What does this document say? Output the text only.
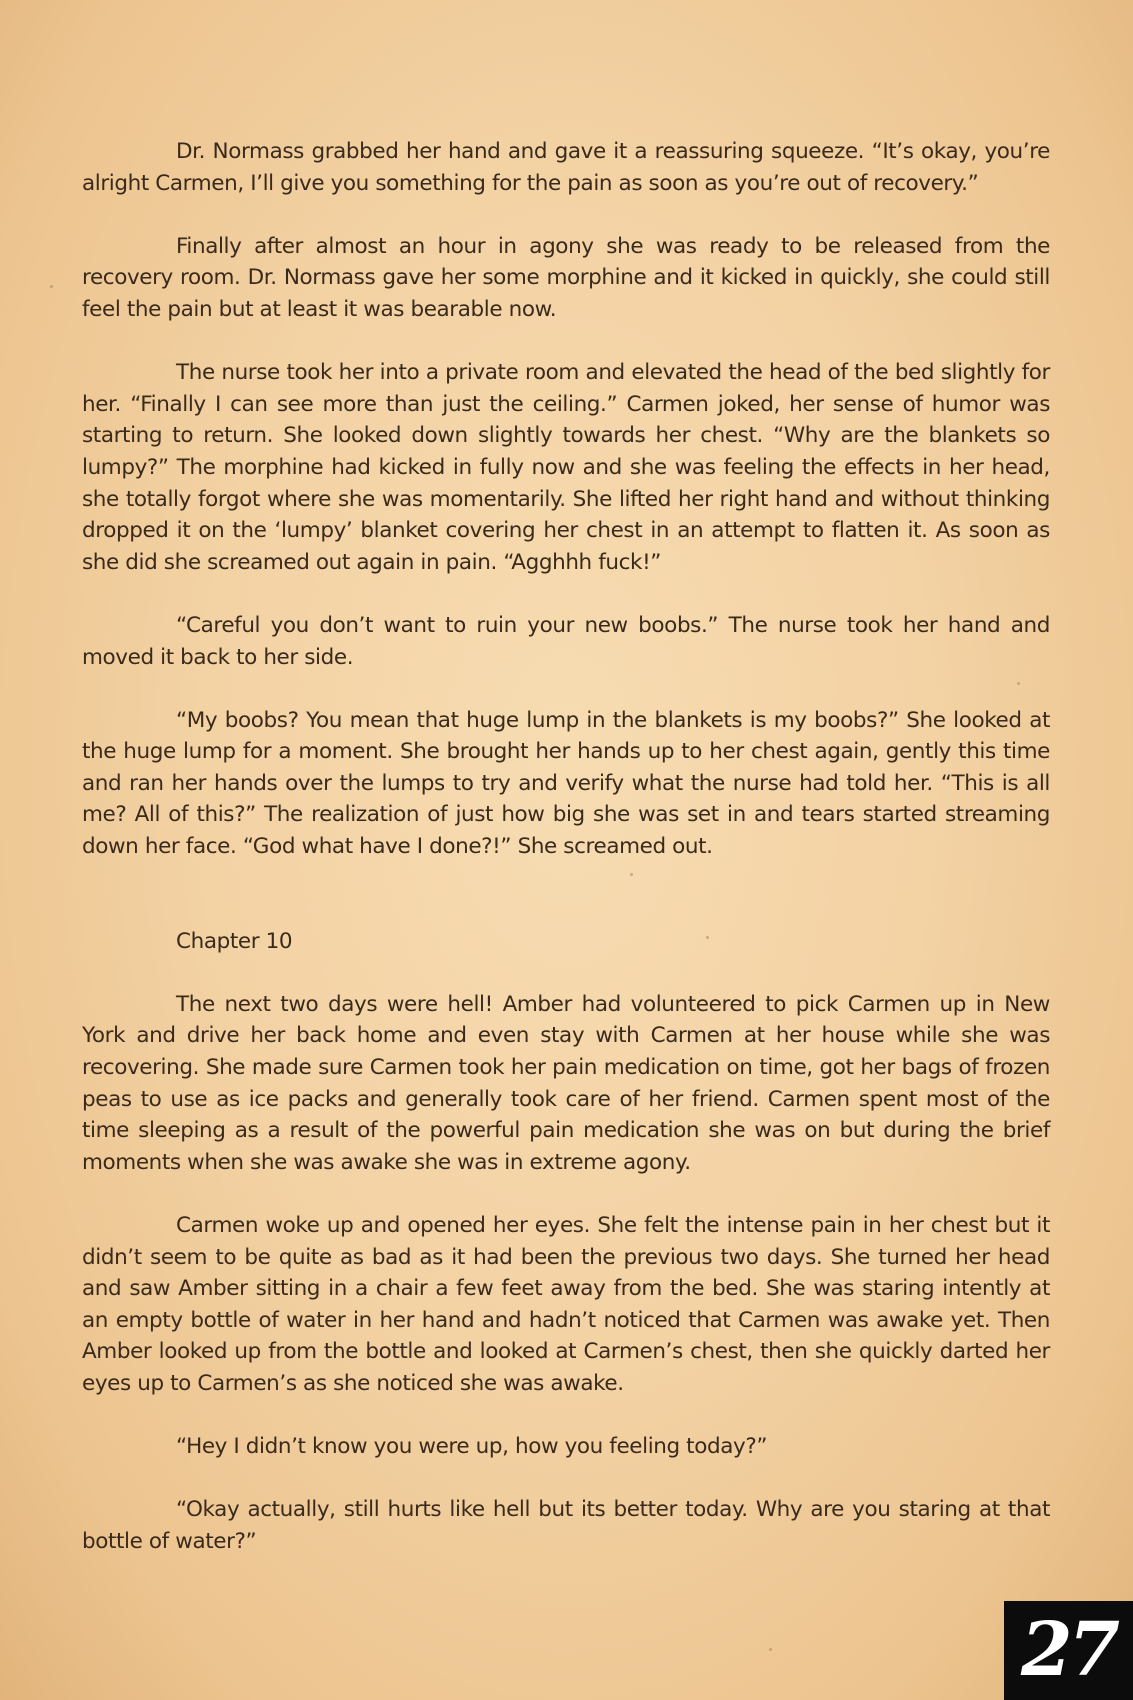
Dr. Normass grabbed her hand and gave it a reassuring squeeze. “It’s okay, you’re alright Carmen, I’ll give you something for the pain as soon as you’re out of recovery.”

Finally after almost an hour in agony she was ready to be released from the recovery room. Dr. Normass gave her some morphine and it kicked in quickly, she could still feel the pain but at least it was bearable now.

The nurse took her into a private room and elevated the head of the bed slightly for her. “Finally I can see more than just the ceiling.” Carmen joked, her sense of humor was starting to return. She looked down slightly towards her chest. “Why are the blankets so lumpy?” The morphine had kicked in fully now and she was feeling the effects in her head, she totally forgot where she was momentarily. She lifted her right hand and without thinking dropped it on the ‘lumpy’ blanket covering her chest in an attempt to flatten it. As soon as she did she screamed out again in pain. “Agghhh fuck!”

“Careful you don’t want to ruin your new boobs.” The nurse took her hand and moved it back to her side.

“My boobs? You mean that huge lump in the blankets is my boobs?” She looked at the huge lump for a moment. She brought her hands up to her chest again, gently this time and ran her hands over the lumps to try and verify what the nurse had told her. “This is all me? All of this?” The realization of just how big she was set in and tears started streaming down her face. “God what have I done?!” She screamed out.

Chapter 10

The next two days were hell! Amber had volunteered to pick Carmen up in New York and drive her back home and even stay with Carmen at her house while she was recovering. She made sure Carmen took her pain medication on time, got her bags of frozen peas to use as ice packs and generally took care of her friend. Carmen spent most of the time sleeping as a result of the powerful pain medication she was on but during the brief moments when she was awake she was in extreme agony.

Carmen woke up and opened her eyes. She felt the intense pain in her chest but it didn’t seem to be quite as bad as it had been the previous two days. She turned her head and saw Amber sitting in a chair a few feet away from the bed. She was staring intently at an empty bottle of water in her hand and hadn’t noticed that Carmen was awake yet. Then Amber looked up from the bottle and looked at Carmen’s chest, then she quickly darted her eyes up to Carmen’s as she noticed she was awake.

“Hey I didn’t know you were up, how you feeling today?”

“Okay actually, still hurts like hell but its better today. Why are you staring at that bottle of water?”

27
